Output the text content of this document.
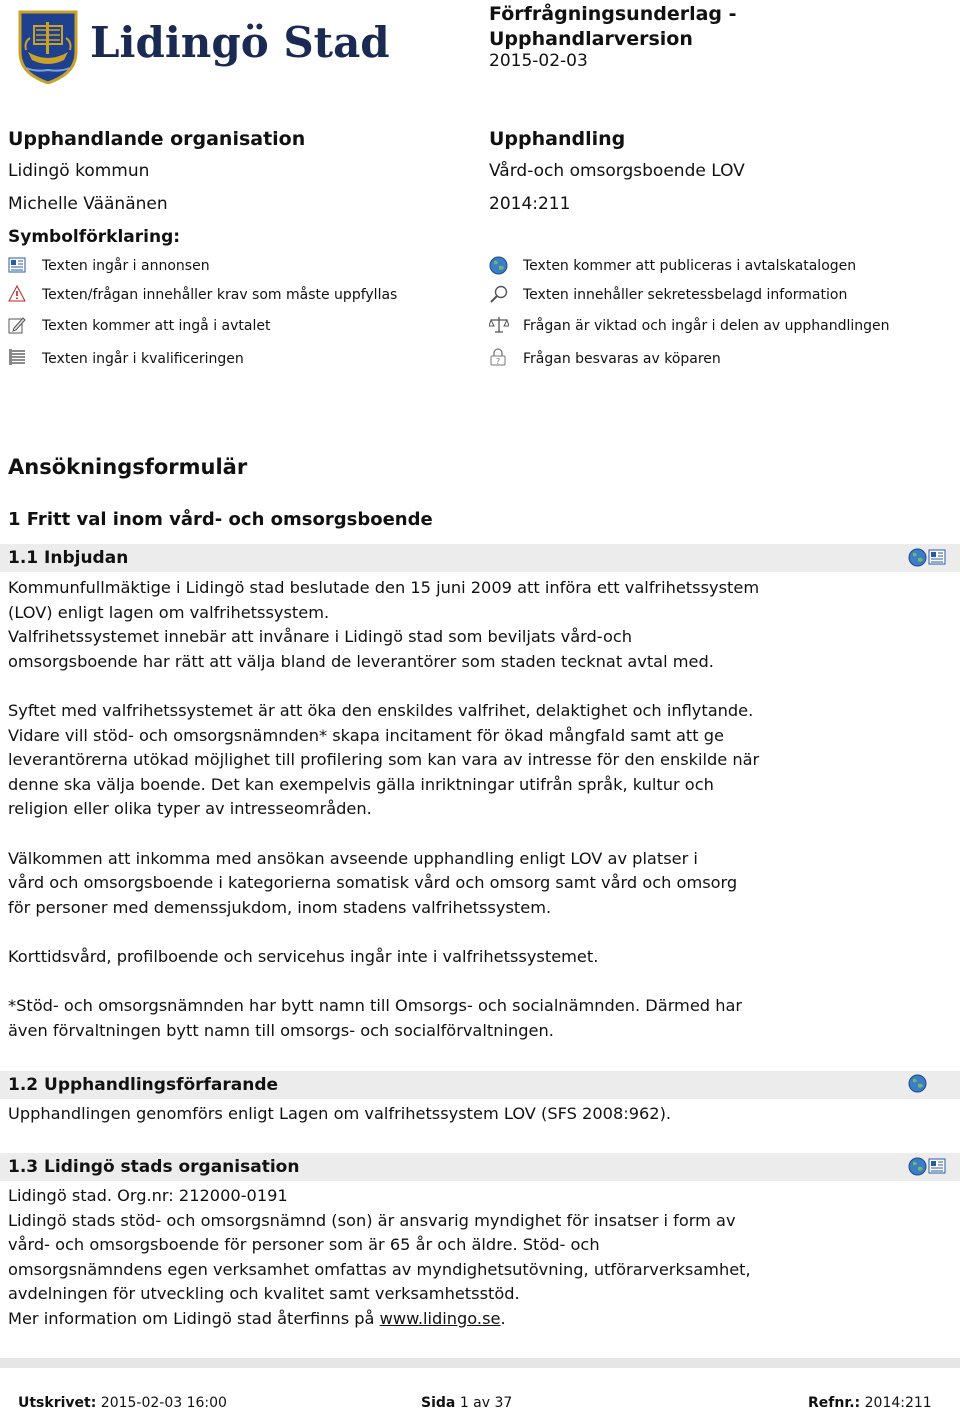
Lidingö Stad
Förfrågningsunderlag -
Upphandlarversion
2015-02-03
Upphandlande organisation
Lidingö kommun
Michelle Väänänen
Upphandling
Vård-och omsorgsboende LOV
2014:211
Symbolförklaring:
Texten ingår i annonsen
Texten/frågan innehåller krav som måste uppfyllas
Texten kommer att ingå i avtalet
Texten ingår i kvalificeringen
Texten kommer att publiceras i avtalskatalogen
Texten innehåller sekretessbelagd information
Frågan är viktad och ingår i delen av upphandlingen
? Frågan besvaras av köparen
Ansökningsformulär
1 Fritt val inom vård- och omsorgsboende
1.1 Inbjudan

Kommunfullmäktige i Lidingö stad beslutade den 15 juni 2009 att införa ett valfrihetssystem

(LOV) enligt lagen om valfrihetssystem.

Valfrihetssystemet innebär att invånare i Lidingö stad som beviljats vård-och

omsorgsboende har rätt att välja bland de leverantörer som staden tecknat avtal med.

Syftet med valfrihetssystemet är att öka den enskildes valfrihet, delaktighet och inflytande.

Vidare vill stöd- och omsorgsnämnden* skapa incitament för ökad mångfald samt att ge

leverantörerna utökad möjlighet till profilering som kan vara av intresse för den enskilde när

denne ska välja boende. Det kan exempelvis gälla inriktningar utifrån språk, kultur och

religion eller olika typer av intresseområden.

Välkommen att inkomma med ansökan avseende upphandling enligt LOV av platser i

vård och omsorgsboende i kategorierna somatisk vård och omsorg samt vård och omsorg

för personer med demenssjukdom, inom stadens valfrihetssystem.

Korttidsvård, profilboende och servicehus ingår inte i valfrihetssystemet.

*Stöd- och omsorgsnämnden har bytt namn till Omsorgs- och socialnämnden. Därmed har

även förvaltningen bytt namn till omsorgs- och socialförvaltningen.

1.2 Upphandlingsförfarande

Upphandlingen genomförs enligt Lagen om valfrihetssystem LOV (SFS 2008:962).

1.3 Lidingö stads organisation

Lidingö stad. Org.nr: 212000-0191

Lidingö stads stöd- och omsorgsnämnd (son) är ansvarig myndighet för insatser i form av

vård- och omsorgsboende för personer som är 65 år och äldre. Stöd- och

omsorgsnämndens egen verksamhet omfattas av myndighetsutövning, utförarverksamhet,

avdelningen för utveckling och kvalitet samt verksamhetsstöd.

Mer information om Lidingö stad återfinns på www.lidingo.se.

Utskrivet: 2015-02-03 16:00	Sida 1 av 37	Refnr.: 2014:211
